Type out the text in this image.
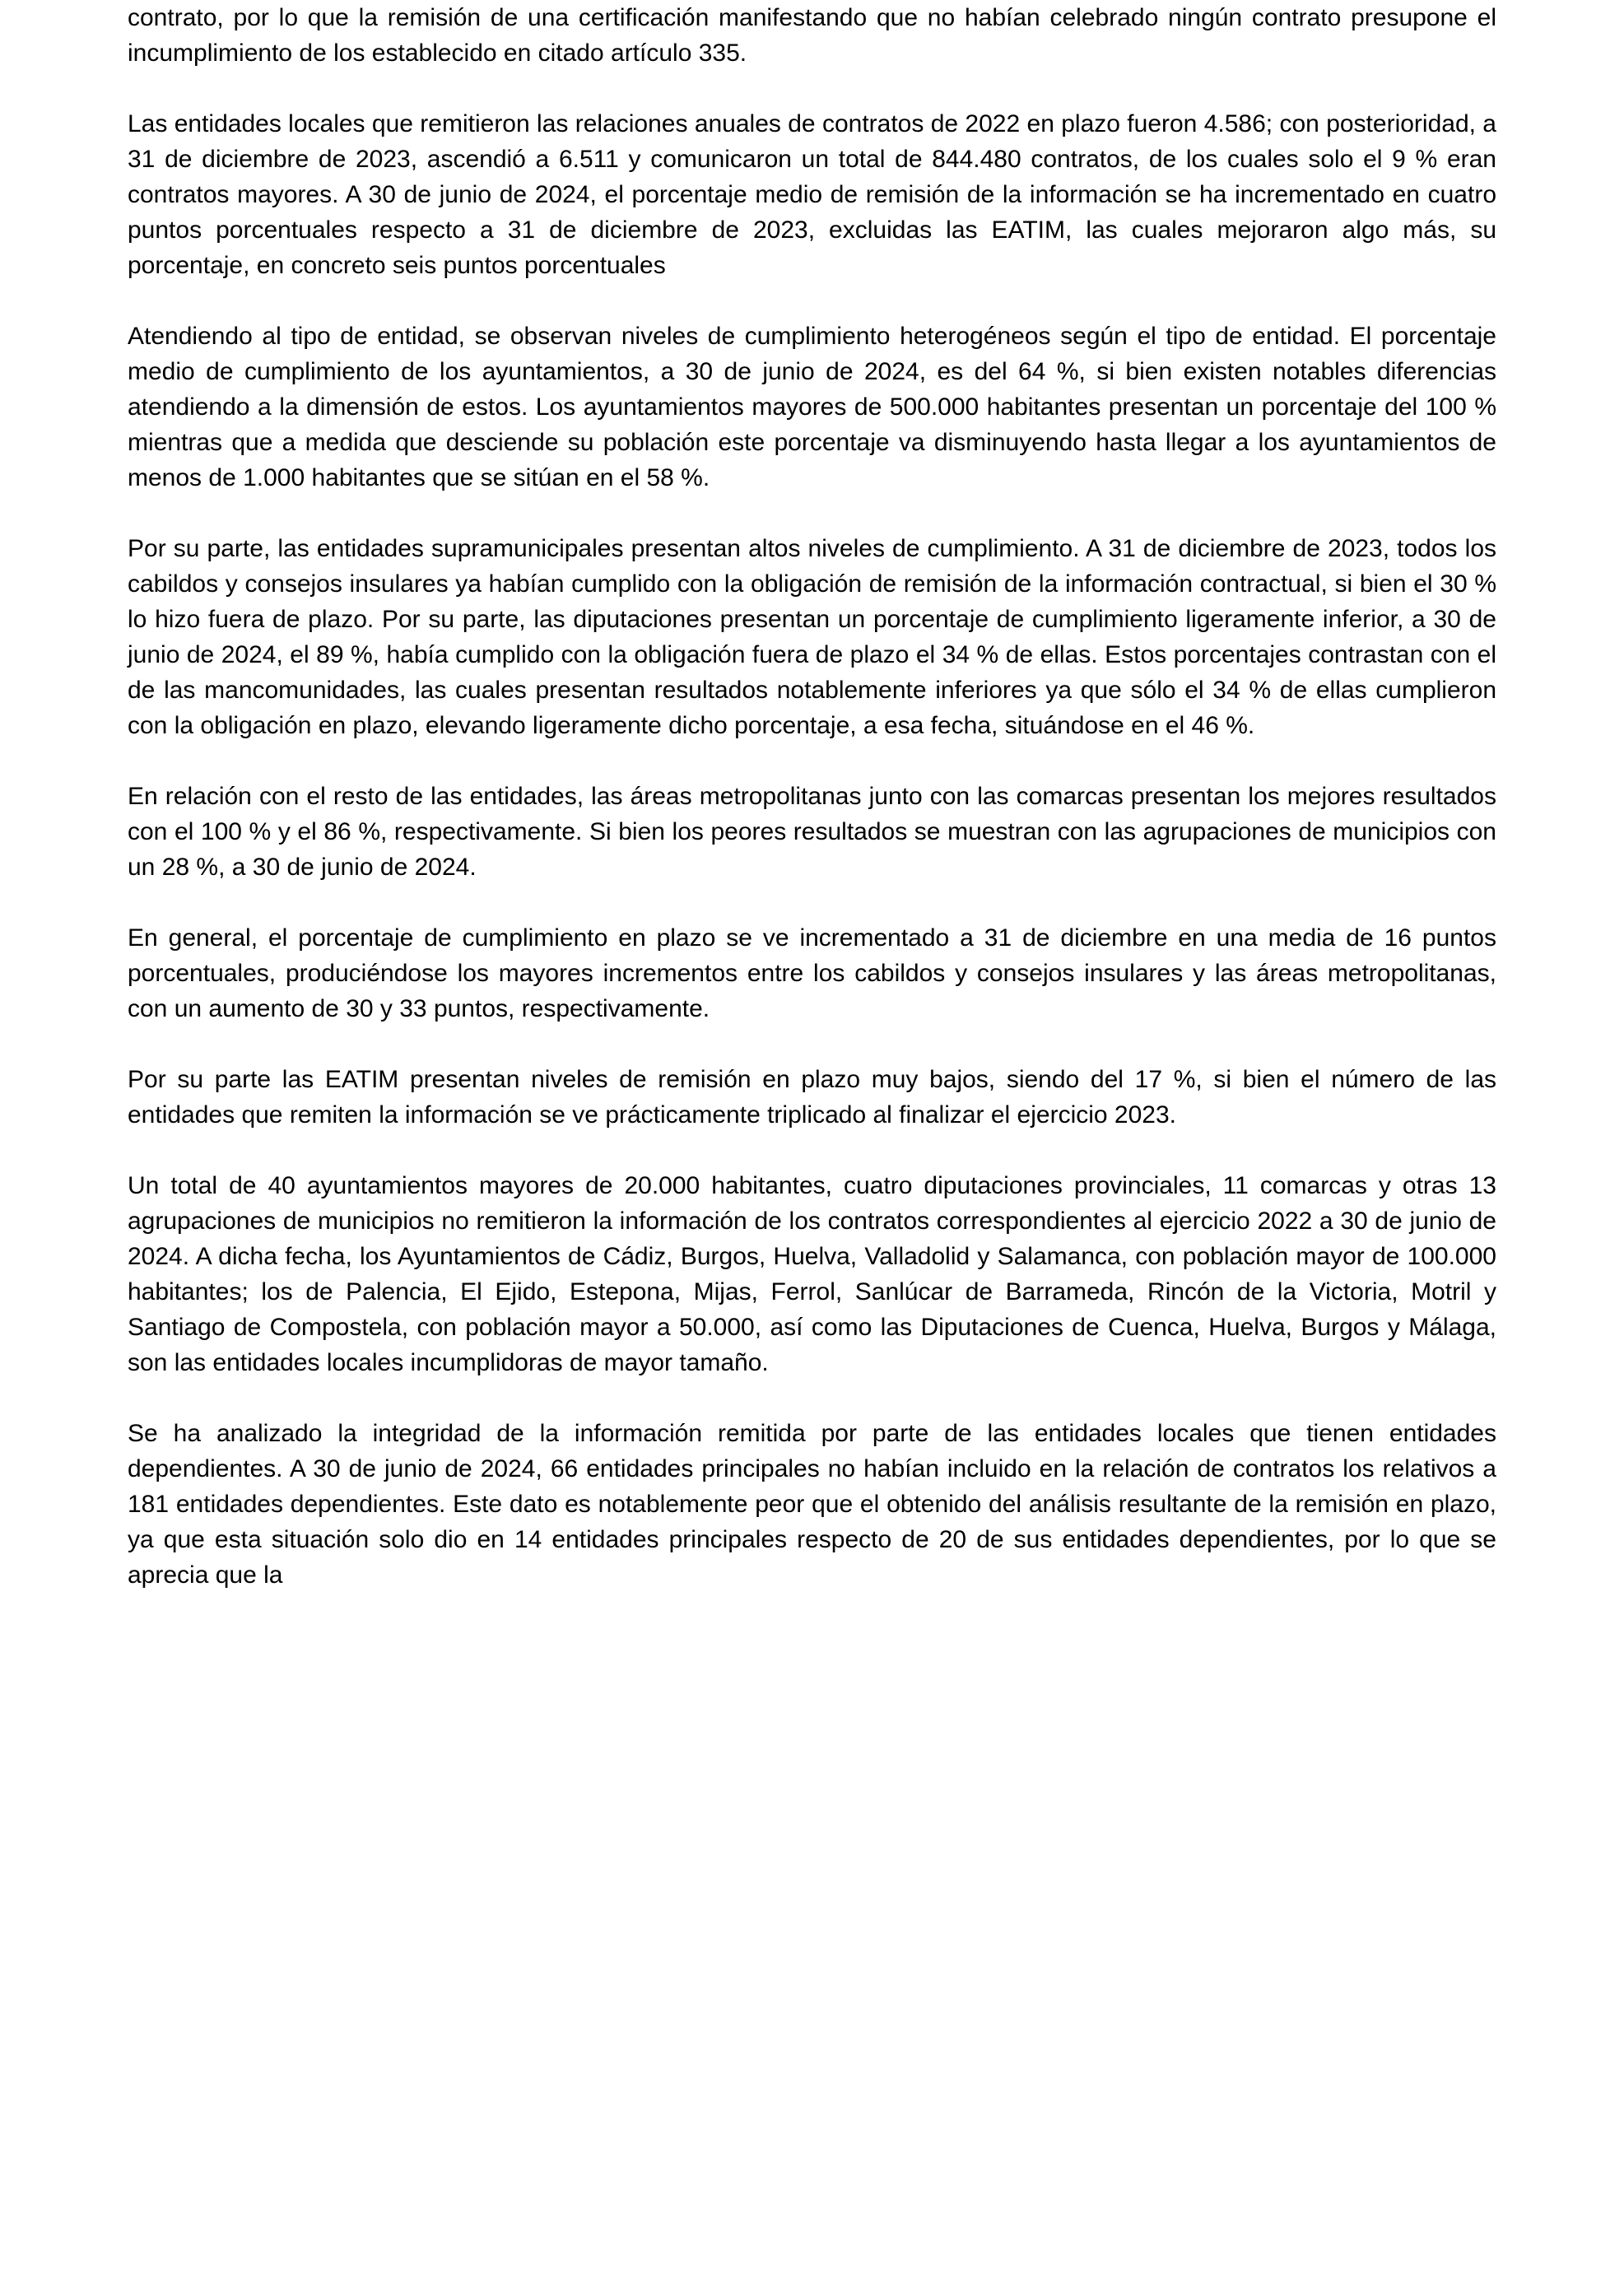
contrato, por lo que la remisión de una certificación manifestando que no habían celebrado ningún contrato presupone el incumplimiento de los establecido en citado artículo 335.

Las entidades locales que remitieron las relaciones anuales de contratos de 2022 en plazo fueron 4.586; con posterioridad, a 31 de diciembre de 2023, ascendió a 6.511 y comunicaron un total de 844.480 contratos, de los cuales solo el 9 % eran contratos mayores. A 30 de junio de 2024, el porcentaje medio de remisión de la información se ha incrementado en cuatro puntos porcentuales respecto a 31 de diciembre de 2023, excluidas las EATIM, las cuales mejoraron algo más, su porcentaje, en concreto seis puntos porcentuales

Atendiendo al tipo de entidad, se observan niveles de cumplimiento heterogéneos según el tipo de entidad. El porcentaje medio de cumplimiento de los ayuntamientos, a 30 de junio de 2024, es del 64 %, si bien existen notables diferencias atendiendo a la dimensión de estos. Los ayuntamientos mayores de 500.000 habitantes presentan un porcentaje del 100 % mientras que a medida que desciende su población este porcentaje va disminuyendo hasta llegar a los ayuntamientos de menos de 1.000 habitantes que se sitúan en el 58 %.

Por su parte, las entidades supramunicipales presentan altos niveles de cumplimiento. A 31 de diciembre de 2023, todos los cabildos y consejos insulares ya habían cumplido con la obligación de remisión de la información contractual, si bien el 30 % lo hizo fuera de plazo. Por su parte, las diputaciones presentan un porcentaje de cumplimiento ligeramente inferior, a 30 de junio de 2024, el 89 %, había cumplido con la obligación fuera de plazo el 34 % de ellas. Estos porcentajes contrastan con el de las mancomunidades, las cuales presentan resultados notablemente inferiores ya que sólo el 34 % de ellas cumplieron con la obligación en plazo, elevando ligeramente dicho porcentaje, a esa fecha, situándose en el 46 %.

En relación con el resto de las entidades, las áreas metropolitanas junto con las comarcas presentan los mejores resultados con el 100 % y el 86 %, respectivamente. Si bien los peores resultados se muestran con las agrupaciones de municipios con un 28 %, a 30 de junio de 2024.

En general, el porcentaje de cumplimiento en plazo se ve incrementado a 31 de diciembre en una media de 16 puntos porcentuales, produciéndose los mayores incrementos entre los cabildos y consejos insulares y las áreas metropolitanas, con un aumento de 30 y 33 puntos, respectivamente.

Por su parte las EATIM presentan niveles de remisión en plazo muy bajos, siendo del 17 %, si bien el número de las entidades que remiten la información se ve prácticamente triplicado al finalizar el ejercicio 2023.

Un total de 40 ayuntamientos mayores de 20.000 habitantes, cuatro diputaciones provinciales, 11 comarcas y otras 13 agrupaciones de municipios no remitieron la información de los contratos correspondientes al ejercicio 2022 a 30 de junio de 2024. A dicha fecha, los Ayuntamientos de Cádiz, Burgos, Huelva, Valladolid y Salamanca, con población mayor de 100.000 habitantes; los de Palencia, El Ejido, Estepona, Mijas, Ferrol, Sanlúcar de Barrameda, Rincón de la Victoria, Motril y Santiago de Compostela, con población mayor a 50.000, así como las Diputaciones de Cuenca, Huelva, Burgos y Málaga, son las entidades locales incumplidoras de mayor tamaño.

Se ha analizado la integridad de la información remitida por parte de las entidades locales que tienen entidades dependientes. A 30 de junio de 2024, 66 entidades principales no habían incluido en la relación de contratos los relativos a 181 entidades dependientes. Este dato es notablemente peor que el obtenido del análisis resultante de la remisión en plazo, ya que esta situación solo dio en 14 entidades principales respecto de 20 de sus entidades dependientes, por lo que se aprecia que la
